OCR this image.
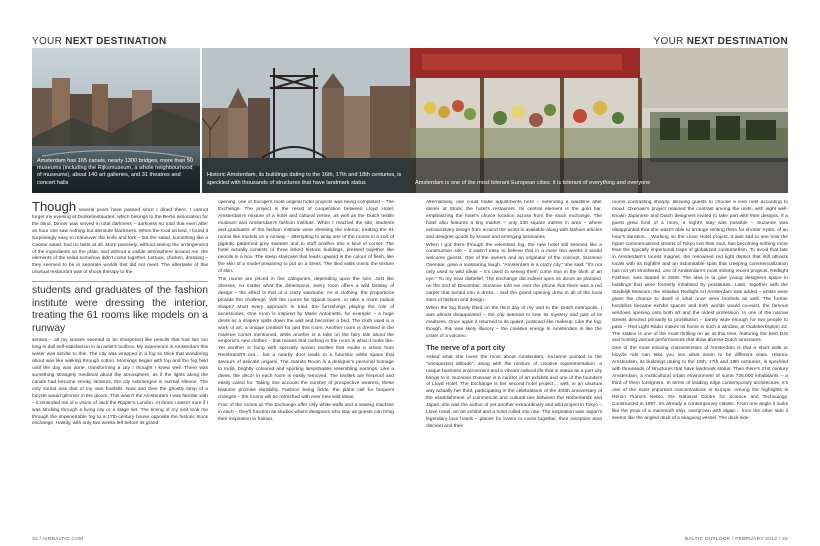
YOUR NEXT DESTINATION
Amsterdam has 165 canals, nearly 1300 bridges, more than 50 museums (including the Rijksmuseum, a whole neighbourhood of museums), about 140 art galleries, and 31 theatres and concert halls
Historic Amsterdam, its buildings dating to the 16th, 17th and 18th centuries, is speckled with thousands of structures that have landmark status

Though several years have passed since I dined there, I cannot forget my evening at Dunkelrestaurant, which belongs to the Berlin association for the blind. Dinner was served in total darkness – darkness so total that even after an hour one saw nothing but absolute blackness. When the food arrived, I found it surprisingly easy to maneuver the knife and fork – but the salad, something like a Caesar salad, had no taste at all. More precisely, without seeing the arrangement of the ingredients on the plate, and without a visible atmosphere around me, the elements of the salad somehow didn't come together. Lettuce, chicken, dressing – they seemed to be in separate worlds that did not meet. The aftertaste of this unusual restaurant was of shock therapy to the

students and graduates of the fashion institute were dressing the interior, treating the 61 rooms like models on a runway

senses – all my senses seemed to be sharpened like pencils that had lain too long in dull self-satisfaction in an artist's toolbox. My experience in Amsterdam this winter was similar to this. The city was wrapped in a fog so thick that wandering about was like walking through cotton. Mornings began with fog and the fog held until the day was done, transforming a city I thought I knew well. There was something strangely medieval about the atmosphere, as if the lights along the canals had become smoky lanterns, the city submerged in surreal silence. The only sound was that of my own footfalls. Now and then the ghostly lamp of a bicycle would glimmer in the gloom. This wasn't the Amsterdam I was familiar with – it reminded me of a vision of Jack the Ripper's London. At times I wasn't sure if I was strolling through a living city or a stage set. The timing of my visit took me through the impenetrable fog to a 17th-century house opposite the historic stock exchange. Hastily, with only two weeks left before its grand

opening, one of Europe's most original hotel projects was being completed – The Exchange. The project is the result of cooperation between Lloyd Hotel, Amsterdam's mixture of a hotel and cultural centre, as well as the Dutch textile museum and Amsterdam's fashion institute. When I reached the site, students and graduates of the fashion institute were dressing the interior, treating the 61 rooms like models on a runway – attempting to wrap one of the rooms in a sort of gigantic patterned grey sweater and to stuff another into a kind of corset. The hotel actually consists of three linked historic buildings, pressed together like pencils in a box. The steep staircase that leads upward is the colour of flesh, like the skin of a model preparing to put on a dress. The tiled walls mimic the texture of skin.

The rooms are priced in five categories, depending upon the size. Just like dresses, no matter what the dimensions, every room offers a wild fantasy of design – the effect is that of a crazy wardrobe. As in clothing, the proportions provide the challenge. Will the rooms be typical boxes, or take a more radical shape? Most every approach is tried, the furnishings playing the role of accessories. One room is inspired by Marie Antoinette, for example – a huge dress as a drapery spills down the wall and becomes a bed. The cloth used is a work of art, a unique creation for just this room. Another room is dressed in the massive corset mentioned, while another is a take on the fairy tale about the emperor's new clothes – that means that nothing in the room is what it looks like. Yet another is hung with specially woven textiles that evoke a vision from Rembrandt's era… but a nearby door leads to a futuristic white space that savours of delicate origami. The Juanita Room is a designer's personal homage to India, brightly coloured and sporting lampshades resembling earrings. Like a dress, the decor in each room is easily removed. The textiles are fireproof and easily cared for. Taking into account the number of prospective wearers, these features promise durability. Fashion being fickle, the plans call for frequent changes – the rooms will be refreshed with ever new wild ideas.

Four of the rooms at The Exchange offer only white walls and a sewing machine in each – they'll function as studios where designers who stay as guests can bring their inspiration to fruition.

32 / AIRBALTIC.COM
YOUR NEXT DESTINATION
Amsterdam is one of the most tolerant European cities: it is tolerant of everything and everyone

Alternatively, one could make adjustments here – extending a waistline after dinner at Stock, the hotel's restaurant. Its central element is the gold bar, emphasizing the hotel's choice location across from the stock exchange. The hotel also features a tiny market – only 230 square metres in area – where extraordinary design from around the world is available along with fashion articles and designer goods by known and emerging luminaries.

When I got there through the relentless fog, the new hotel still seemed like a construction site – it wasn't easy to believe that in a mere two weeks it would welcome guests. One of the owners and an originator of the concept, Suzanne Oxenaar, gave a reassuring laugh. "Amsterdam is a crazy city," she said; "it's not only used to wild ideas – it's used to seeing them come true in the blink of an eye." To my near disbelief, The Exchange did indeed open its doors as planned, on the 2nd of December. Suzanne told me over the phone that there was a red carpet that turned into a dress… and the grand opening drew in all of the local stars of fashion and design.

When the fog finally lifted on the third day of my visit to the Dutch metropolis, I was almost disappointed – the city seemed to lose its mystery and part of its madness. Once again it returned to its quaint, postcard-like makeup. Like the fog, though, this was likely illusory – the creative energy in Amsterdam is like the crater of a volcano.

The nerve of a port city

Asked what she loves the most about Amsterdam, Suzanne pointed to the "unexpected attitude", along with the mixture of creative experimentation, a unique business environment and a vibrant cultural life that in status as a port city brings to it. Suzanne Oxenaar is a curator of art exhibits and one of the founders of Lloyd Hotel. The Exchange is her second hotel project… well, in an unusual way actually her third, participating in the celebrations of the 400th anniversary of the establishment of commercial and cultural ties between the Netherlands and Japan, she was the author of yet another extraordinary and wild project in Tokyo – Llove Hotel, an art exhibit and a hotel rolled into one. The inspiration was Japan's legendary love hotels – places for lovers to come together, their reception area discreet and their

rooms contrasting sharply, allowing guests to choose a love nest according to mood. Oxenaar's project retained the contrast among the units, with eight well-known Japanese and Dutch designers invited to take part with their designs. If a guest grew fond of a room, a night's stay was possible – Suzanne was disappointed that she wasn't able to arrange renting them for shorter trysts, of an hour's duration… Working on the Llove Hotel project, it was sad to see how the hyper-commercialized streets of Tokyo lost their soul, fast becoming nothing more than the typically impersonal traps of globalized consumerism. To avoid that fate in Amsterdam's tourist magnet, the renowned red light district that still attracts locals with its nightlife and an indomitable spirit that creeping commercialization has not yet smothered, one of Amsterdam's most striking recent projects, Redlight Fashion, was started in 2008. The idea is to give young designers space in buildings that were formerly inhabited by prostitutes. Later, together with the Stedelijk Museum, the initiative Redlight Art Amsterdam was added – artists were given the chance to dwell in what once were brothels as well. The former bordellos became exhibit spaces and both worlds would co-exist, the famous windows opening onto both art and the oldest profession. In one of the narrow streets devoted primarily to prostitution – barely wide enough for two people to pass – Red Light Radio makes its home in such a window, at Oudekerksplein 22. The station is one of the most thrilling on air at this time, featuring the best DJs and hosting various performances that draw diverse Dutch luminaries.

One of the most enticing characteristics of Amsterdam is that a short walk or bicycle ride can take you into what seem to be different cities. Historic Amsterdam, its buildings dating to the 16th, 17th and 18th centuries, is speckled with thousands of structures that have landmark status. Then there's 21st century Amsterdam, a multicultural urban environment of some 725,000 inhabitants – a third of them foreigners. In terms of leading edge contemporary architecture, it's one of the most important concentrations in Europe. Among the highlights is Renzo Piano's NeMo, the National Centre for Science and Technology. Constructed in 1997, it's already a contemporary classic. From one angle it looks like the prow of a mammoth ship, overgrown with algae… from the other side it seems like the angled deck of a seagoing vessel. The deck side

BALTIC OUTLOOK / FEBRUARY 2012 / 33
